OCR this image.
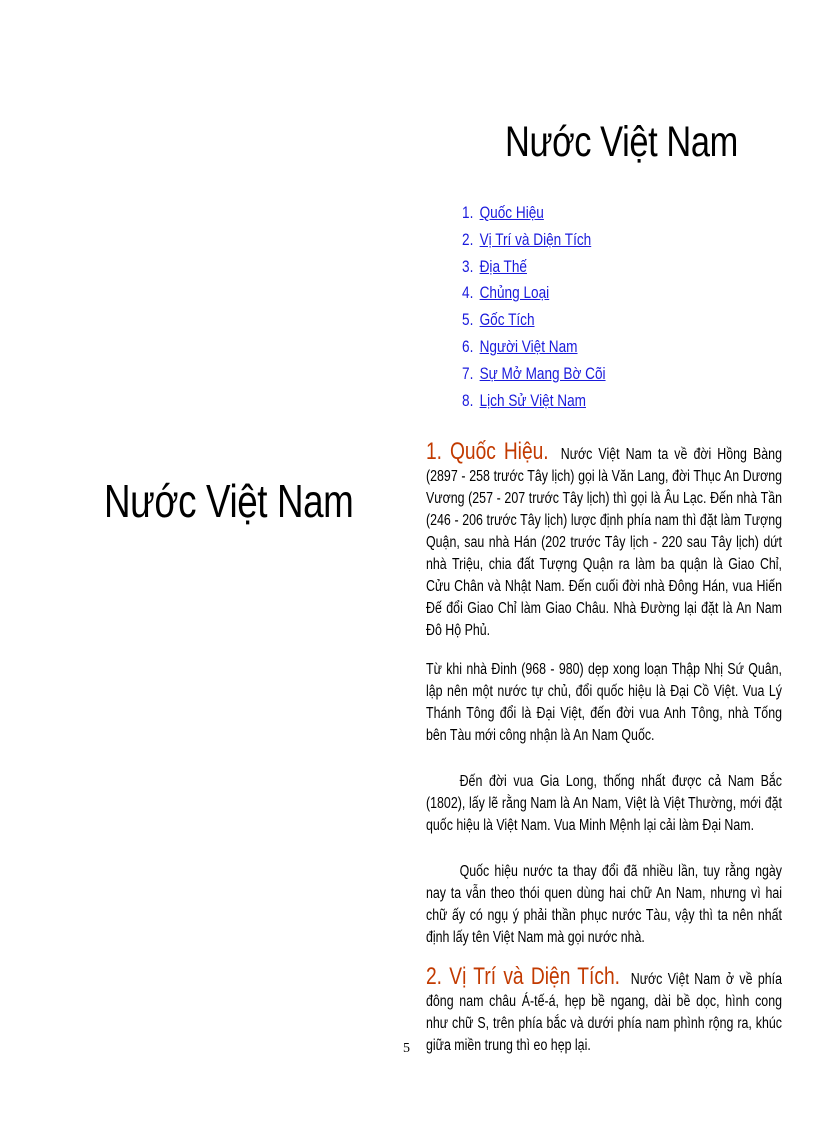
Nước Việt Nam
1. Quốc Hiệu
2. Vị Trí và Diện Tích
3. Địa Thế
4. Chủng Loại
5. Gốc Tích
6. Người Việt Nam
7. Sự Mở Mang Bờ Cõi
8. Lịch Sử Việt Nam
Nước Việt Nam

1. Quốc Hiệu. Nước Việt Nam ta về đời Hồng Bàng (2897 - 258 trước Tây lịch) gọi là Văn Lang, đời Thục An Dương Vương (257 - 207 trước Tây lịch) thì gọi là Âu Lạc. Đến nhà Tần (246 - 206 trước Tây lịch) lược định phía nam thì đặt làm Tượng Quận, sau nhà Hán (202 trước Tây lịch - 220 sau Tây lịch) dứt nhà Triệu, chia đất Tượng Quận ra làm ba quận là Giao Chỉ, Cửu Chân và Nhật Nam. Đến cuối đời nhà Đông Hán, vua Hiến Đế đổi Giao Chỉ làm Giao Châu. Nhà Đường lại đặt là An Nam Đô Hộ Phủ.

Từ khi nhà Đinh (968 - 980) dẹp xong loạn Thập Nhị Sứ Quân, lập nên một nước tự chủ, đổi quốc hiệu là Đại Cồ Việt. Vua Lý Thánh Tông đổi là Đại Việt, đến đời vua Anh Tông, nhà Tống bên Tàu mới công nhận là An Nam Quốc.

Đến đời vua Gia Long, thống nhất được cả Nam Bắc (1802), lấy lẽ rằng Nam là An Nam, Việt là Việt Thường, mới đặt quốc hiệu là Việt Nam. Vua Minh Mệnh lại cải làm Đại Nam.

Quốc hiệu nước ta thay đổi đã nhiều lần, tuy rằng ngày nay ta vẫn theo thói quen dùng hai chữ An Nam, nhưng vì hai chữ ấy có ngụ ý phải thần phục nước Tàu, vậy thì ta nên nhất định lấy tên Việt Nam mà gọi nước nhà.

2. Vị Trí và Diện Tích. Nước Việt Nam ở về phía đông nam châu Á-tế-á, hẹp bề ngang, dài bề dọc, hình cong như chữ S, trên phía bắc và dưới phía nam phình rộng ra, khúc giữa miền trung thì eo hẹp lại.

5
